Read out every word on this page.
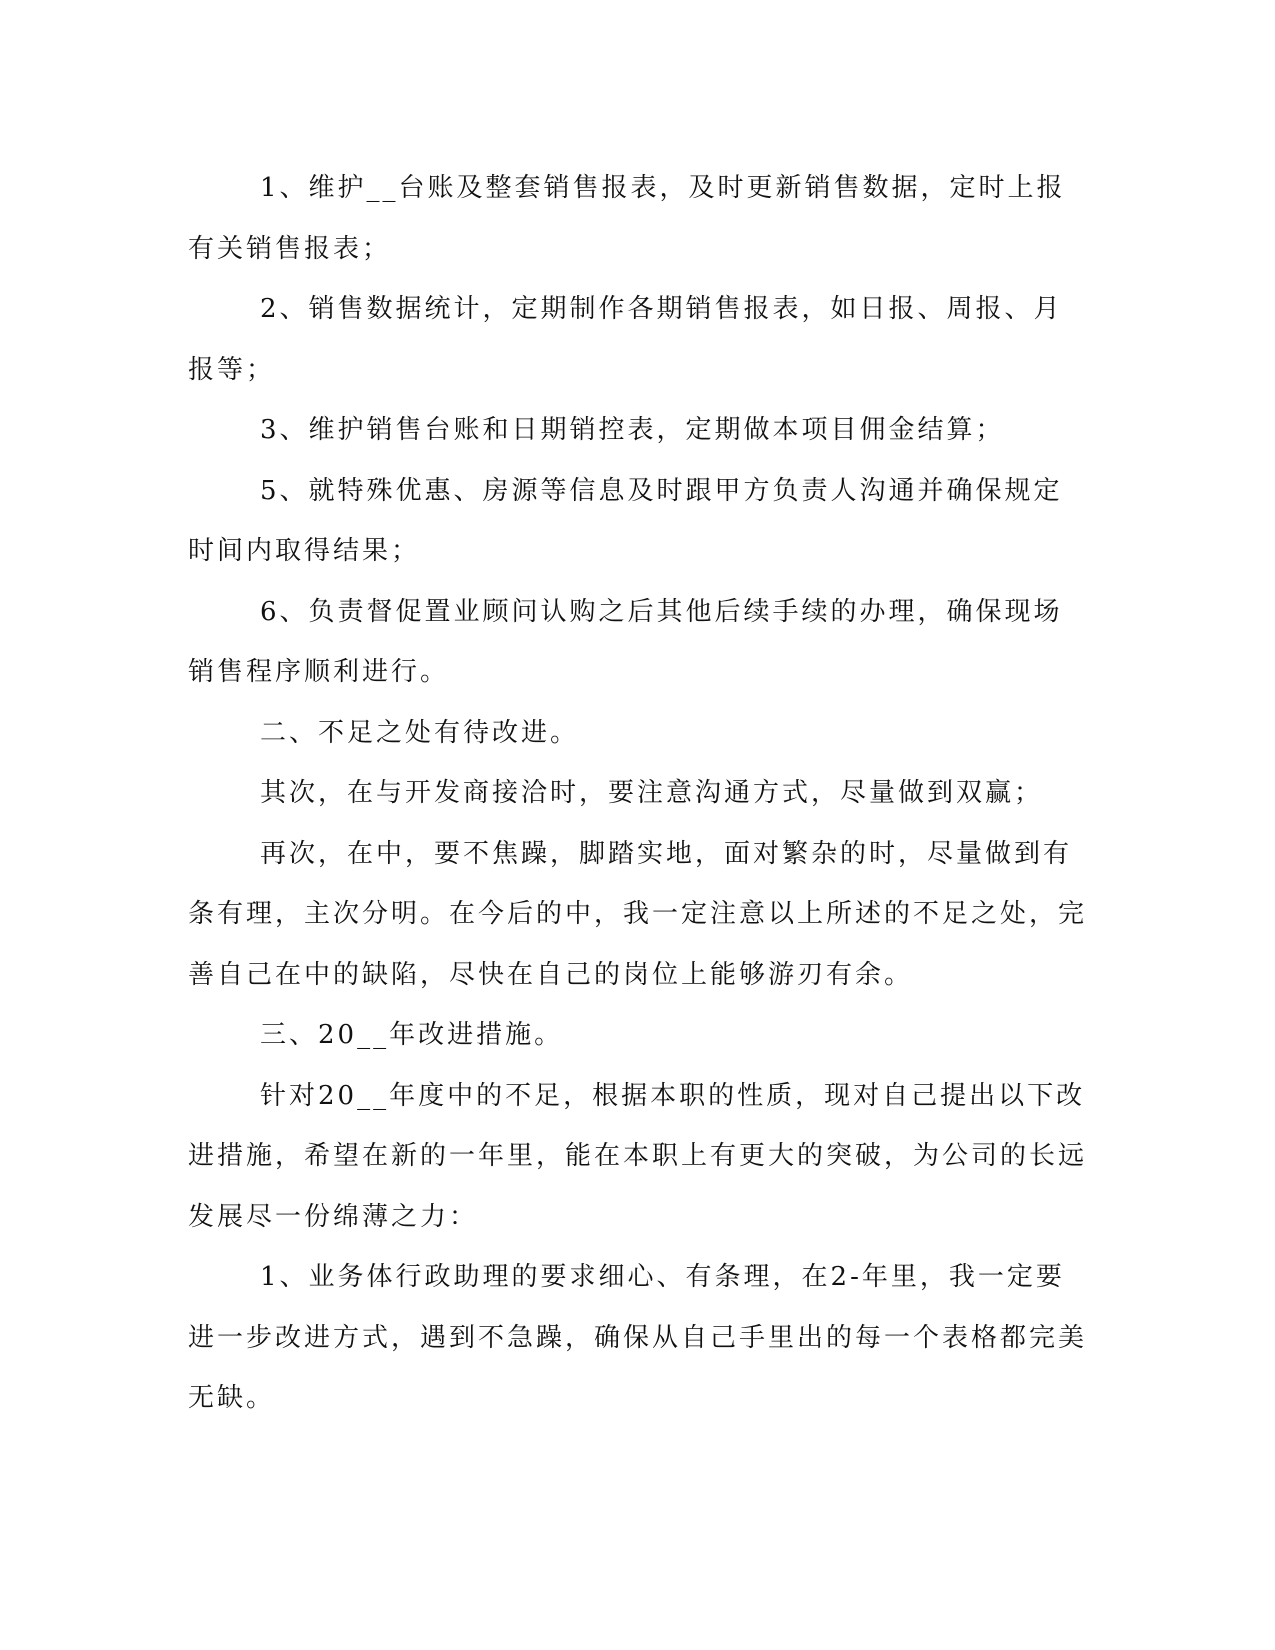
1、维护__台账及整套销售报表，及时更新销售数据，定时上报有关销售报表；

2、销售数据统计，定期制作各期销售报表，如日报、周报、月报等；

3、维护销售台账和日期销控表，定期做本项目佣金结算；

5、就特殊优惠、房源等信息及时跟甲方负责人沟通并确保规定时间内取得结果；

6、负责督促置业顾问认购之后其他后续手续的办理，确保现场销售程序顺利进行。

二、不足之处有待改进。

其次，在与开发商接洽时，要注意沟通方式，尽量做到双赢；

再次，在中，要不焦躁，脚踏实地，面对繁杂的时，尽量做到有条有理，主次分明。在今后的中，我一定注意以上所述的不足之处，完善自己在中的缺陷，尽快在自己的岗位上能够游刃有余。

三、20__年改进措施。

针对20__年度中的不足，根据本职的性质，现对自己提出以下改进措施，希望在新的一年里，能在本职上有更大的突破，为公司的长远发展尽一份绵薄之力：

1、业务体行政助理的要求细心、有条理，在2-年里，我一定要进一步改进方式，遇到不急躁，确保从自己手里出的每一个表格都完美无缺。
